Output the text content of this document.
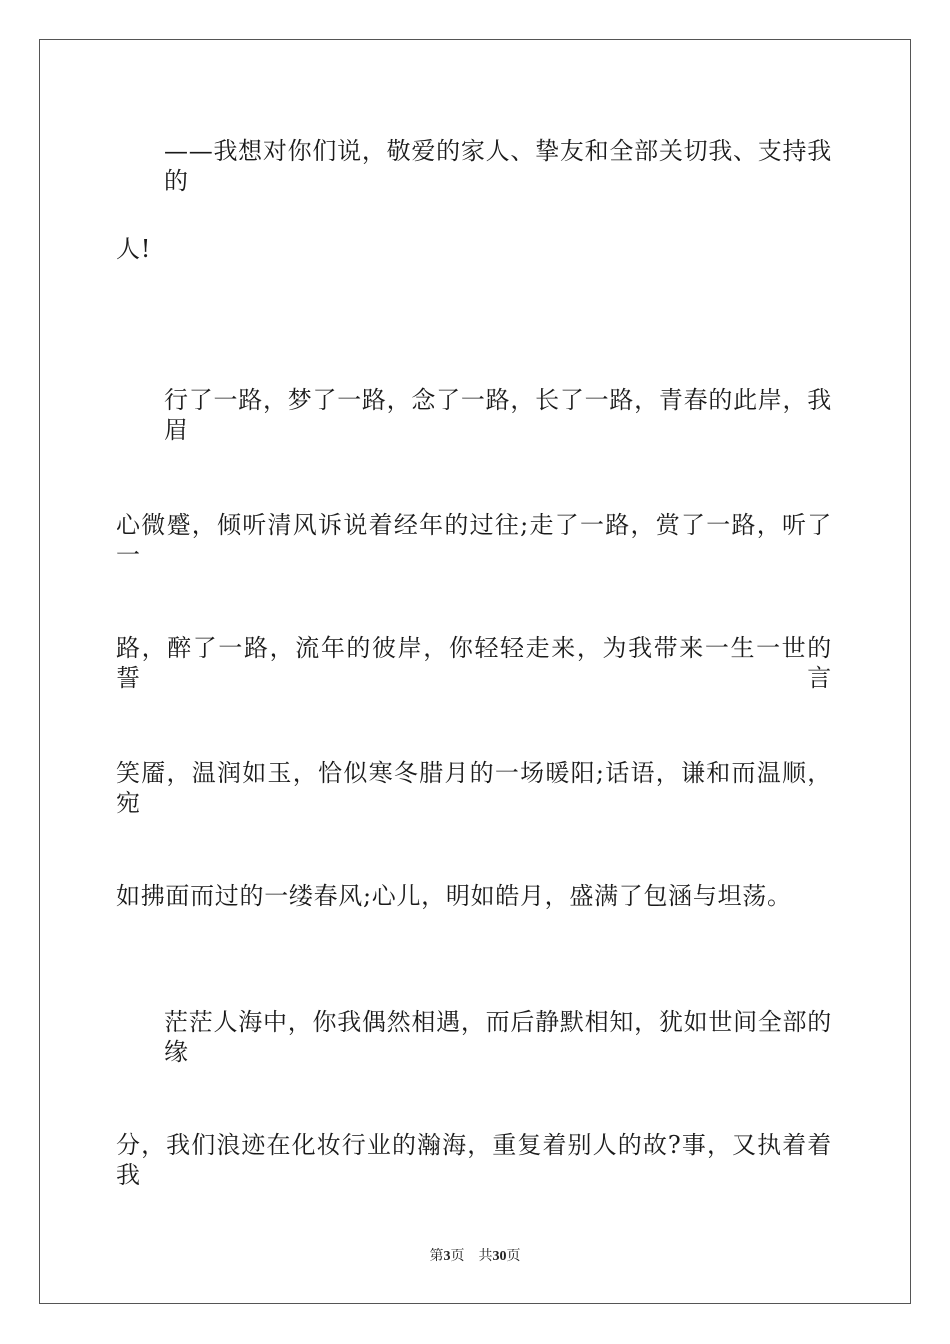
——我想对你们说，敬爱的家人、挚友和全部关切我、支持我的
人!
行了一路，梦了一路，念了一路，长了一路，青春的此岸，我眉
心微蹙，倾听清风诉说着经年的过往;走了一路，赏了一路，听了一
路，醉了一路，流年的彼岸，你轻轻走来，为我带来一生一世的誓言
笑靥，温润如玉，恰似寒冬腊月的一场暖阳;话语，谦和而温顺，宛
如拂面而过的一缕春风;心儿，明如皓月，盛满了包涵与坦荡。
茫茫人海中，你我偶然相遇，而后静默相知，犹如世间全部的缘
分，我们浪迹在化妆行业的瀚海，重复着别人的故?事，又执着着我
第3页 共30页
